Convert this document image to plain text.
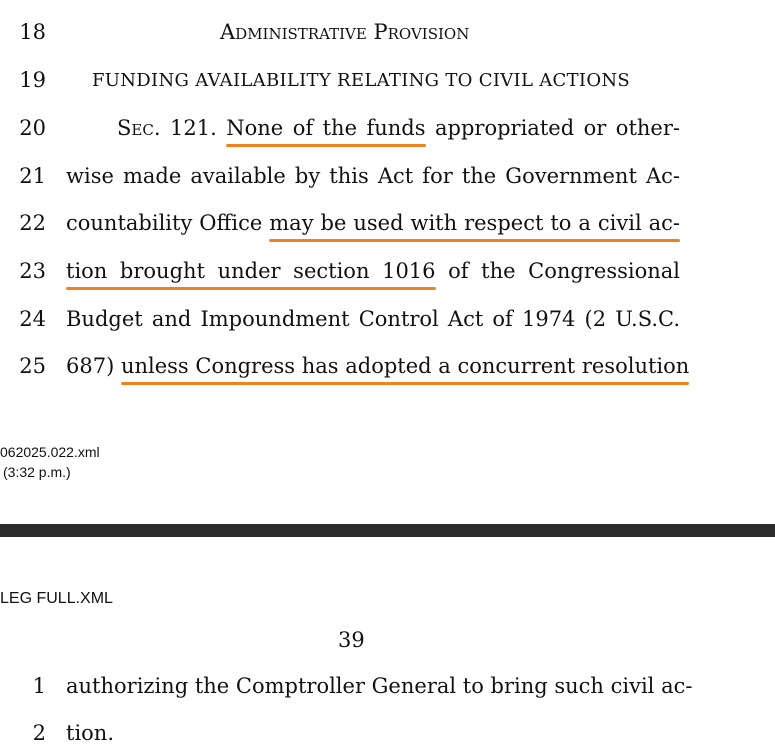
18	Administrative Provision
19	FUNDING AVAILABILITY RELATING TO CIVIL ACTIONS
20	Sec. 121. None of the funds appropriated or other-
21 wise made available by this Act for the Government Ac-
22 countability Office may be used with respect to a civil ac-
23 tion brought under section 1016 of the Congressional
24 Budget and Impoundment Control Act of 1974 (2 U.S.C.
25 687) unless Congress has adopted a concurrent resolution
062025.022.xml
(3:32 p.m.)
LEG FULL.XML
39
1 authorizing the Comptroller General to bring such civil ac-
2 tion.
